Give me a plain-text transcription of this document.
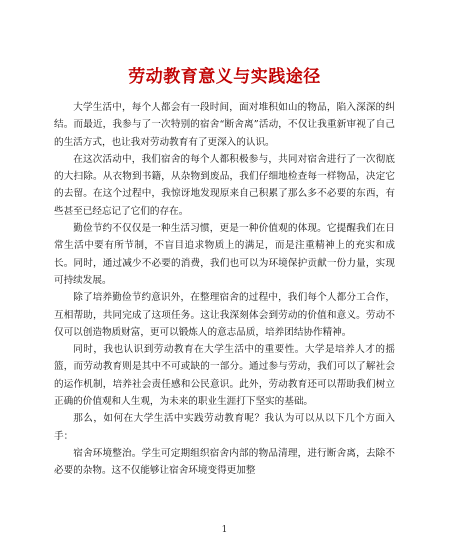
劳动教育意义与实践途径

大学生活中，每个人都会有一段时间，面对堆积如山的物品，陷入深深的纠结。而最近，我参与了一次特别的宿舍“断舍离”活动，不仅让我重新审视了自己的生活方式，也让我对劳动教育有了更深入的认识。

在这次活动中，我们宿舍的每个人都积极参与，共同对宿舍进行了一次彻底的大扫除。从衣物到书籍，从杂物到废品，我们仔细地检查每一样物品，决定它的去留。在这个过程中，我惊讶地发现原来自己积累了那么多不必要的东西，有些甚至已经忘记了它们的存在。

勤俭节约不仅仅是一种生活习惯，更是一种价值观的体现。它提醒我们在日常生活中要有所节制，不盲目追求物质上的满足，而是注重精神上的充实和成长。同时，通过减少不必要的消费，我们也可以为环境保护贡献一份力量，实现可持续发展。

除了培养勤俭节约意识外，在整理宿舍的过程中，我们每个人都分工合作，互相帮助，共同完成了这项任务。这让我深刻体会到劳动的价值和意义。劳动不仅可以创造物质财富，更可以锻炼人的意志品质，培养团结协作精神。

同时，我也认识到劳动教育在大学生活中的重要性。大学是培养人才的摇篮，而劳动教育则是其中不可或缺的一部分。通过参与劳动，我们可以了解社会的运作机制，培养社会责任感和公民意识。此外，劳动教育还可以帮助我们树立正确的价值观和人生观，为未来的职业生涯打下坚实的基础。

那么，如何在大学生活中实践劳动教育呢？我认为可以从以下几个方面入手：

宿舍环境整治。学生可定期组织宿舍内部的物品清理，进行断舍离，去除不必要的杂物。这不仅能够让宿舍环境变得更加整

1
